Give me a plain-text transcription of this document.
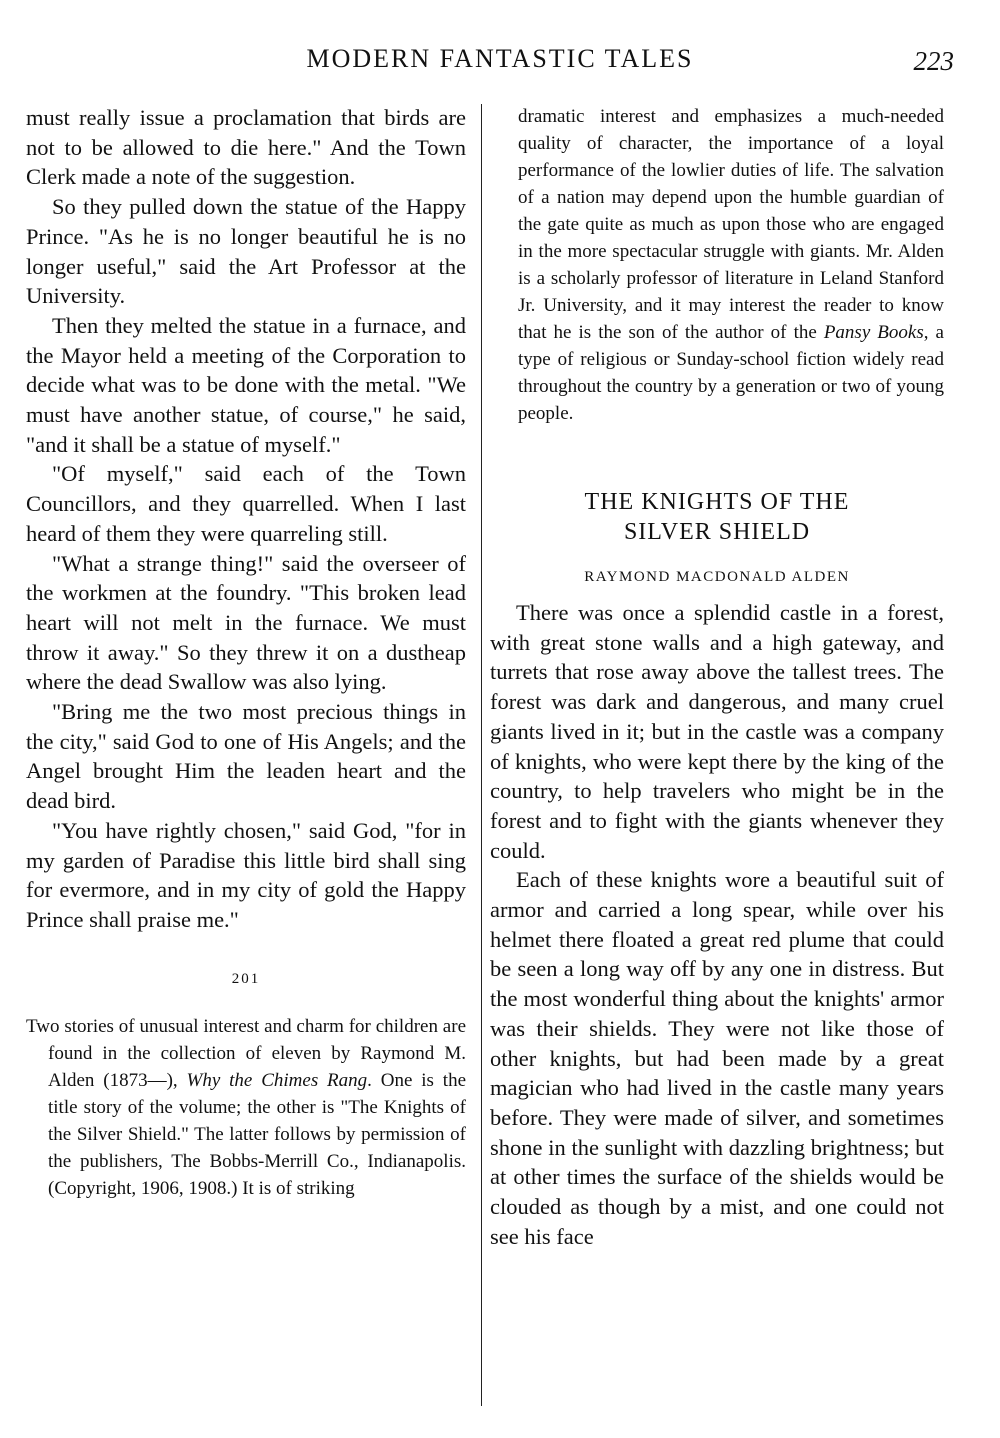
MODERN FANTASTIC TALES	223

must really issue a proclamation that birds are not to be allowed to die here." And the Town Clerk made a note of the suggestion.

So they pulled down the statue of the Happy Prince. "As he is no longer beautiful he is no longer useful," said the Art Professor at the University.

Then they melted the statue in a furnace, and the Mayor held a meeting of the Corporation to decide what was to be done with the metal. "We must have another statue, of course," he said, "and it shall be a statue of myself."

"Of myself," said each of the Town Councillors, and they quarrelled. When I last heard of them they were quarreling still.

"What a strange thing!" said the overseer of the workmen at the foundry. "This broken lead heart will not melt in the furnace. We must throw it away." So they threw it on a dustheap where the dead Swallow was also lying.

"Bring me the two most precious things in the city," said God to one of His Angels; and the Angel brought Him the leaden heart and the dead bird.

"You have rightly chosen," said God, "for in my garden of Paradise this little bird shall sing for evermore, and in my city of gold the Happy Prince shall praise me."

201

Two stories of unusual interest and charm for children are found in the collection of eleven by Raymond M. Alden (1873—), Why the Chimes Rang. One is the title story of the volume; the other is "The Knights of the Silver Shield." The latter follows by permission of the publishers, The Bobbs-Merrill Co., Indianapolis. (Copyright, 1906, 1908.) It is of striking

dramatic interest and emphasizes a much-needed quality of character, the importance of a loyal performance of the lowlier duties of life. The salvation of a nation may depend upon the humble guardian of the gate quite as much as upon those who are engaged in the more spectacular struggle with giants. Mr. Alden is a scholarly professor of literature in Leland Stanford Jr. University, and it may interest the reader to know that he is the son of the author of the Pansy Books, a type of religious or Sunday-school fiction widely read throughout the country by a generation or two of young people.

THE KNIGHTS OF THE
SILVER SHIELD
RAYMOND MACDONALD ALDEN

There was once a splendid castle in a forest, with great stone walls and a high gateway, and turrets that rose away above the tallest trees. The forest was dark and dangerous, and many cruel giants lived in it; but in the castle was a company of knights, who were kept there by the king of the country, to help travelers who might be in the forest and to fight with the giants whenever they could.

Each of these knights wore a beautiful suit of armor and carried a long spear, while over his helmet there floated a great red plume that could be seen a long way off by any one in distress. But the most wonderful thing about the knights' armor was their shields. They were not like those of other knights, but had been made by a great magician who had lived in the castle many years before. They were made of silver, and sometimes shone in the sunlight with dazzling brightness; but at other times the surface of the shields would be clouded as though by a mist, and one could not see his face
